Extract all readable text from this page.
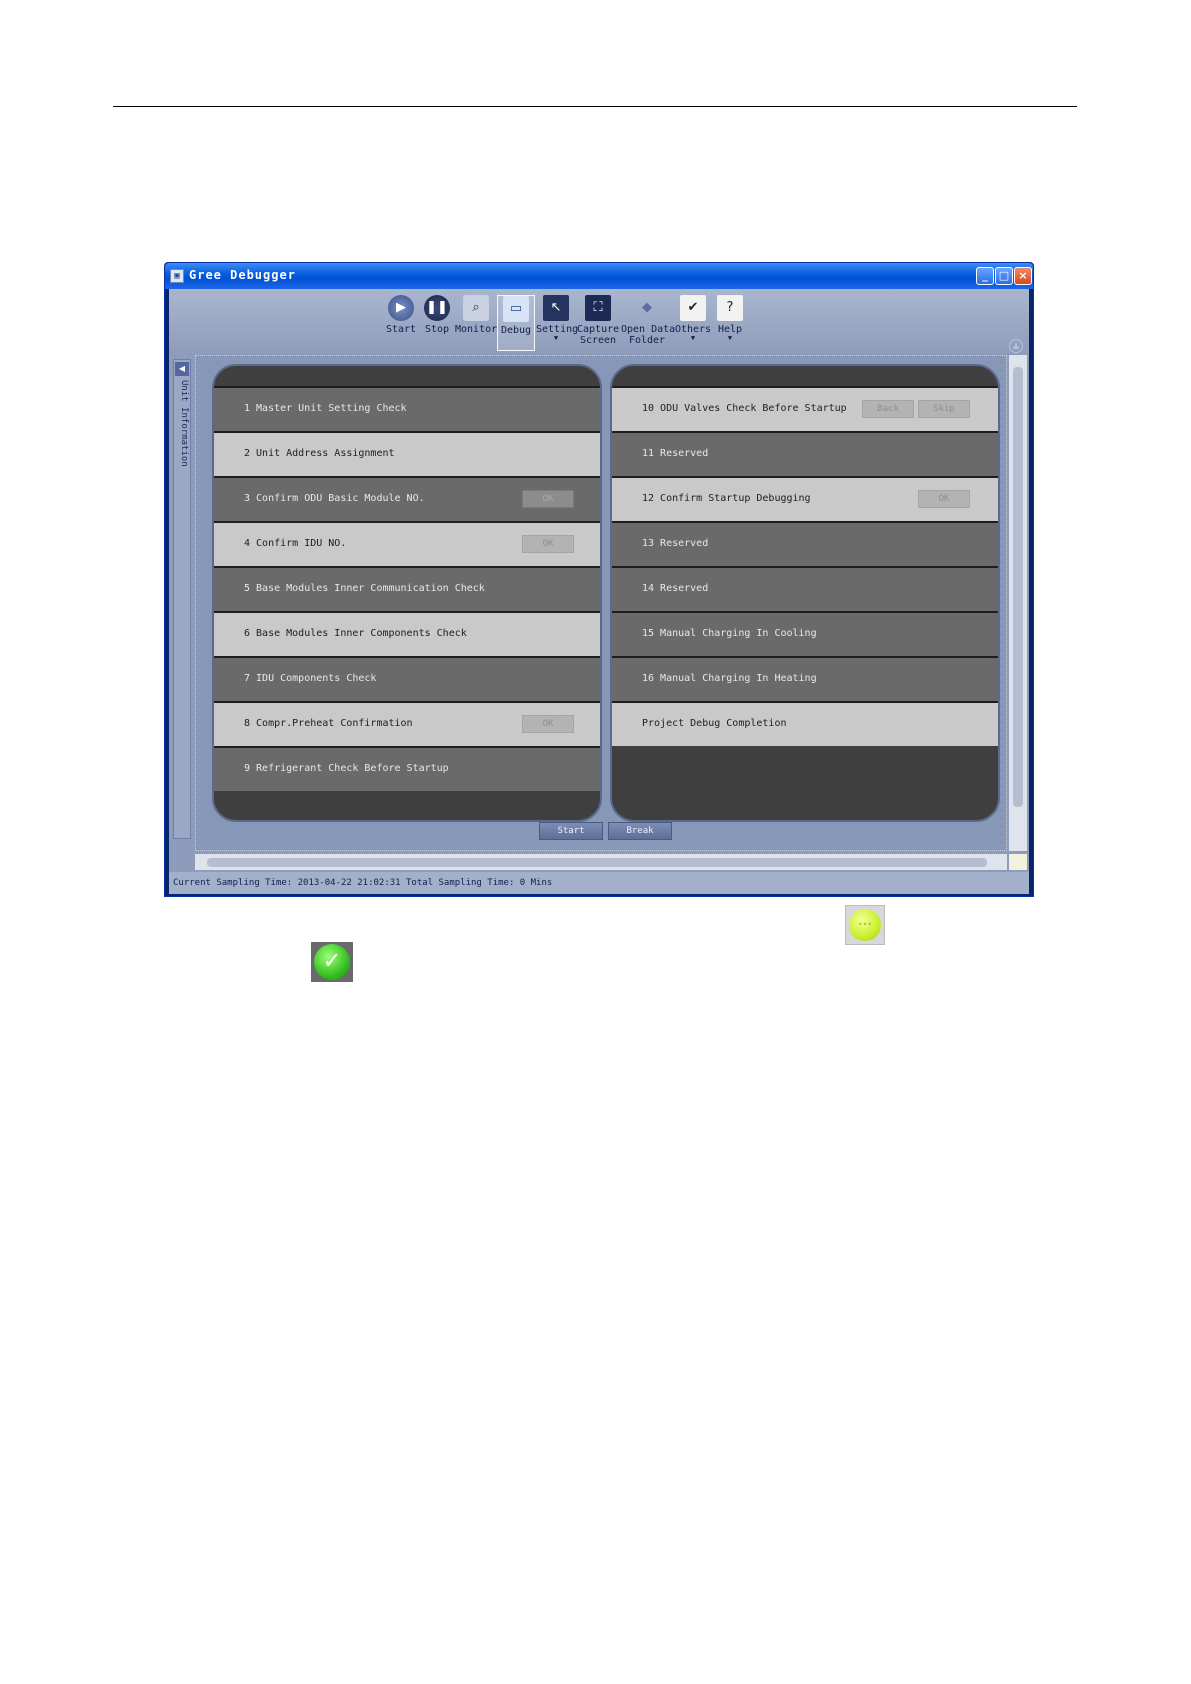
▣ Gree Debugger	_	□ ×
▶
Start
❚❚
Stop
⌕
Monitor
▭
Debug
↖
Setting
▼
⛶
Capture
Screen
◆
Open Data
Folder
✔
Others
▼
?
Help
▼
▲
◀
Unit Information	1 Master Unit Setting Check
2 Unit Address Assignment
3 Confirm ODU Basic Module NO.	OK
4 Confirm IDU NO.	OK
5 Base Modules Inner Communication Check
6 Base Modules Inner Components Check
7 IDU Components Check
8 Compr.Preheat Confirmation	OK
9 Refrigerant Check Before Startup
10 ODU Valves Check Before Startup	Back	Skip
11 Reserved
12 Confirm Startup Debugging	OK
13 Reserved
14 Reserved
15 Manual Charging In Cooling
16 Manual Charging In Heating
Project Debug Completion
Start	Break
Current Sampling Time: 2013-04-22 21:02:31 Total Sampling Time: 0 Mins
•••
✓
